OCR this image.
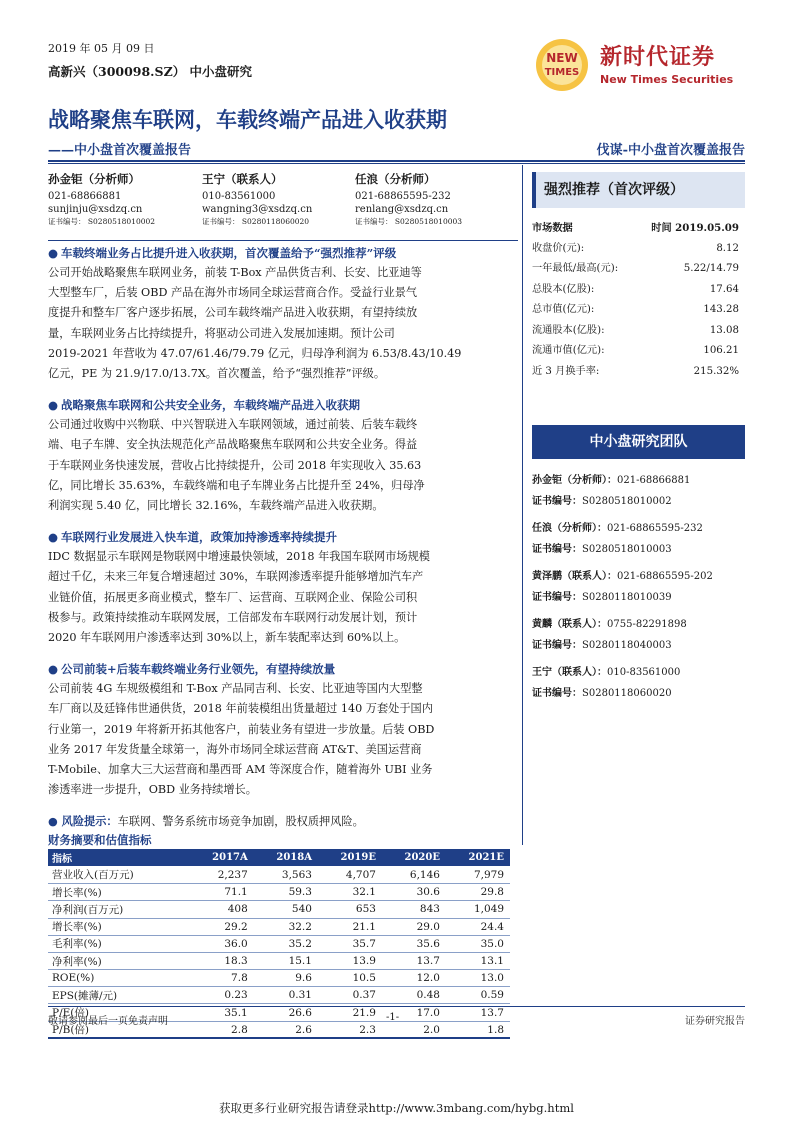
2019 年 05 月 09 日
高新兴（300098.SZ） 中小盘研究
NEW
TIMES
新时代证券
New Times Securities
战略聚焦车联网，车载终端产品进入收获期
——中小盘首次覆盖报告	伐谋-中小盘首次覆盖报告
孙金钜（分析师）
021-68866881
sunjinju@xsdzq.cn
证书编号： S0280518010002
王宁（联系人）
010-83561000
wangning3@xsdzq.cn
证书编号： S0280118060020
任浪（分析师）
021-68865595-232
renlang@xsdzq.cn
证书编号： S0280518010003
● 车载终端业务占比提升进入收获期，首次覆盖给予“强烈推荐”评级
公司开始战略聚焦车联网业务，前装 T-Box 产品供货吉利、长安、比亚迪等
大型整车厂，后装 OBD 产品在海外市场同全球运营商合作。受益行业景气
度提升和整车厂客户逐步拓展，公司车载终端产品进入收获期，有望持续放
量，车联网业务占比持续提升，将驱动公司进入发展加速期。预计公司
2019-2021 年营收为 47.07/61.46/79.79 亿元，归母净利润为 6.53/8.43/10.49
亿元，PE 为 21.9/17.0/13.7X。首次覆盖，给予“强烈推荐”评级。
● 战略聚焦车联网和公共安全业务，车载终端产品进入收获期
公司通过收购中兴物联、中兴智联进入车联网领域，通过前装、后装车载终
端、电子车牌、安全执法规范化产品战略聚焦车联网和公共安全业务。得益
于车联网业务快速发展，营收占比持续提升，公司 2018 年实现收入 35.63
亿，同比增长 35.63%，车载终端和电子车牌业务占比提升至 24%，归母净
利润实现 5.40 亿，同比增长 32.16%，车载终端产品进入收获期。
● 车联网行业发展进入快车道，政策加持渗透率持续提升
IDC 数据显示车联网是物联网中增速最快领域，2018 年我国车联网市场规模
超过千亿，未来三年复合增速超过 30%，车联网渗透率提升能够增加汽车产
业链价值，拓展更多商业模式，整车厂、运营商、互联网企业、保险公司积
极参与。政策持续推动车联网发展，工信部发布车联网行动发展计划，预计
2020 年车联网用户渗透率达到 30%以上，新车装配率达到 60%以上。
● 公司前装+后装车载终端业务行业领先，有望持续放量
公司前装 4G 车规级模组和 T-Box 产品同吉利、长安、比亚迪等国内大型整
车厂商以及廷锋伟世通供货，2018 年前装模组出货量超过 140 万套处于国内
行业第一，2019 年将新开拓其他客户，前装业务有望进一步放量。后装 OBD
业务 2017 年发货量全球第一，海外市场同全球运营商 AT&T、美国运营商
T-Mobile、加拿大三大运营商和墨西哥 AM 等深度合作，随着海外 UBI 业务
渗透率进一步提升，OBD 业务持续增长。
● 风险提示：车联网、警务系统市场竞争加剧，股权质押风险。
财务摘要和估值指标
指标	2017A	2018A	2019E	2020E	2021E
营业收入(百万元)	2,237	3,563	4,707	6,146	7,979
增长率(%)	71.1	59.3	32.1	30.6	29.8
净利润(百万元)	408	540	653	843	1,049
增长率(%)	29.2	32.2	21.1	29.0	24.4
毛利率(%)	36.0	35.2	35.7	35.6	35.0
净利率(%)	18.3	15.1	13.9	13.7	13.1
ROE(%)	7.8	9.6	10.5	12.0	13.0
EPS(摊薄/元)	0.23	0.31	0.37	0.48	0.59
P/E(倍)	35.1	26.6	21.9	17.0	13.7
P/B(倍)	2.8	2.6	2.3	2.0	1.8
强烈推荐（首次评级）
市场数据	时间 2019.05.09
收盘价(元):	8.12
一年最低/最高(元):	5.22/14.79
总股本(亿股):	17.64
总市值(亿元):	143.28
流通股本(亿股):	13.08
流通市值(亿元):	106.21
近 3 月换手率:	215.32%
中小盘研究团队
孙金钜（分析师）：021-68866881
证书编号：S0280518010002
任浪（分析师）：021-68865595-232
证书编号：S0280518010003
黄泽鹏（联系人）：021-68865595-202
证书编号：S0280118010039
黄麟（联系人）：0755-82291898
证书编号：S0280118040003
王宁（联系人）：010-83561000
证书编号：S0280118060020
敬请参阅最后一页免责声明	-1-	证券研究报告
获取更多行业研究报告请登录http://www.3mbang.com/hybg.html
